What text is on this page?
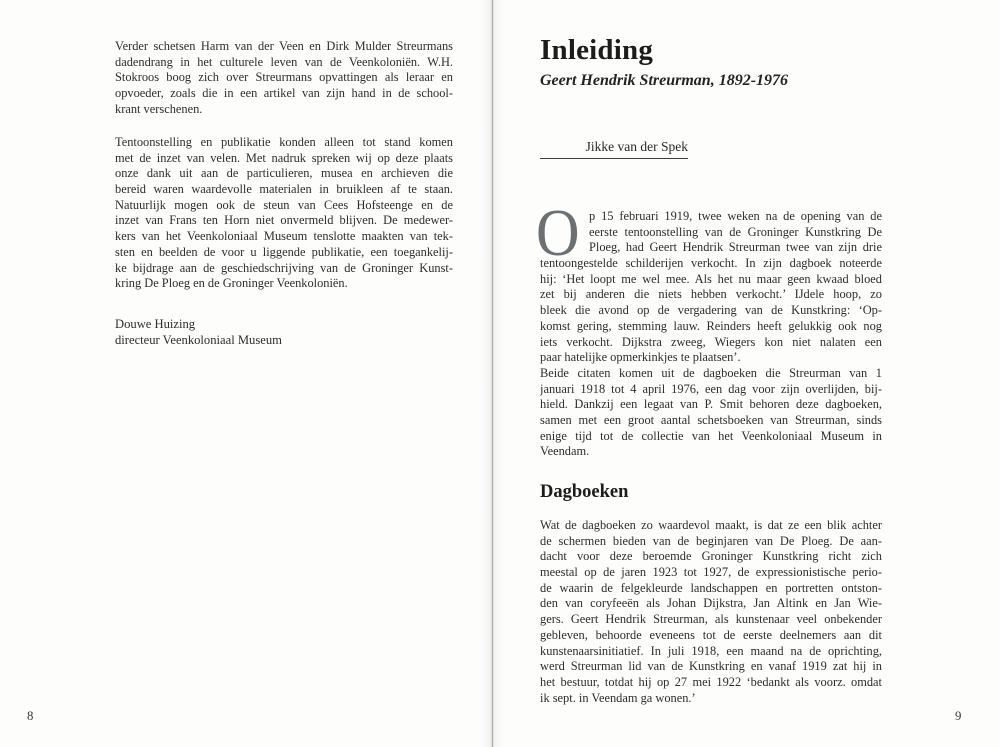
Verder schetsen Harm van der Veen en Dirk Mulder Streurmans
dadendrang in het culturele leven van de Veenkoloniën. W.H.
Stokroos boog zich over Streurmans opvattingen als leraar en
opvoeder, zoals die in een artikel van zijn hand in de school-
krant verschenen.
Tentoonstelling en publikatie konden alleen tot stand komen
met de inzet van velen. Met nadruk spreken wij op deze plaats
onze dank uit aan de particulieren, musea en archieven die
bereid waren waardevolle materialen in bruikleen af te staan.
Natuurlijk mogen ook de steun van Cees Hofsteenge en de
inzet van Frans ten Horn niet onvermeld blijven. De medewer-
kers van het Veenkoloniaal Museum tenslotte maakten van tek-
sten en beelden de voor u liggende publikatie, een toegankelij-
ke bijdrage aan de geschiedschrijving van de Groninger Kunst-
kring De Ploeg en de Groninger Veenkoloniën.
Douwe Huizing
directeur Veenkoloniaal Museum
8
Inleiding
Geert Hendrik Streurman, 1892-1976
Jikke van der Spek
O p 15 februari 1919, twee weken na de opening van de
eerste tentoonstelling van de Groninger Kunstkring De
Ploeg, had Geert Hendrik Streurman twee van zijn drie
tentoongestelde schilderijen verkocht. In zijn dagboek noteerde
hij: ‘Het loopt me wel mee. Als het nu maar geen kwaad bloed
zet bij anderen die niets hebben verkocht.’ IJdele hoop, zo
bleek die avond op de vergadering van de Kunstkring: ‘Op-
komst gering, stemming lauw. Reinders heeft gelukkig ook nog
iets verkocht. Dijkstra zweeg, Wiegers kon niet nalaten een
paar hatelijke opmerkinkjes te plaatsen’.
Beide citaten komen uit de dagboeken die Streurman van 1
januari 1918 tot 4 april 1976, een dag voor zijn overlijden, bij-
hield. Dankzij een legaat van P. Smit behoren deze dagboeken,
samen met een groot aantal schetsboeken van Streurman, sinds
enige tijd tot de collectie van het Veenkoloniaal Museum in
Veendam.
Dagboeken
Wat de dagboeken zo waardevol maakt, is dat ze een blik achter
de schermen bieden van de beginjaren van De Ploeg. De aan-
dacht voor deze beroemde Groninger Kunstkring richt zich
meestal op de jaren 1923 tot 1927, de expressionistische perio-
de waarin de felgekleurde landschappen en portretten ontston-
den van coryfeeën als Johan Dijkstra, Jan Altink en Jan Wie-
gers. Geert Hendrik Streurman, als kunstenaar veel onbekender
gebleven, behoorde eveneens tot de eerste deelnemers aan dit
kunstenaarsinitiatief. In juli 1918, een maand na de oprichting,
werd Streurman lid van de Kunstkring en vanaf 1919 zat hij in
het bestuur, totdat hij op 27 mei 1922 ‘bedankt als voorz. omdat
ik sept. in Veendam ga wonen.’
9
